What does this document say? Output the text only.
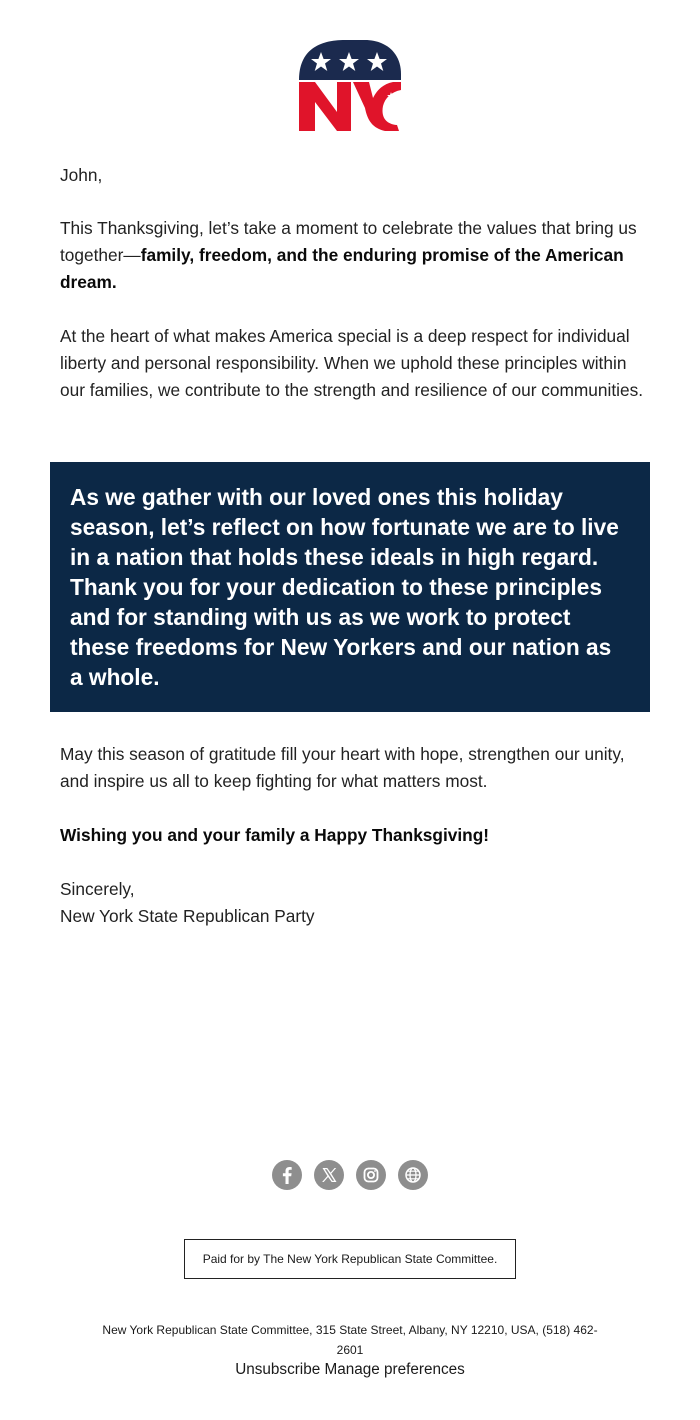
John,

This Thanksgiving, let’s take a moment to celebrate the values that bring us together—family, freedom, and the enduring promise of the American dream.

At the heart of what makes America special is a deep respect for individual liberty and personal responsibility. When we uphold these principles within our families, we contribute to the strength and resilience of our communities.

As we gather with our loved ones this holiday season, let’s reflect on how fortunate we are to live in a nation that holds these ideals in high regard. Thank you for your dedication to these principles and for standing with us as we work to protect these freedoms for New Yorkers and our nation as a whole.

May this season of gratitude fill your heart with hope, strengthen our unity, and inspire us all to keep fighting for what matters most.

Wishing you and your family a Happy Thanksgiving!

Sincerely,
New York State Republican Party
Paid for by The New York Republican State Committee.
New York Republican State Committee, 315 State Street, Albany, NY 12210, USA, (518) 462-2601
Unsubscribe Manage preferences
